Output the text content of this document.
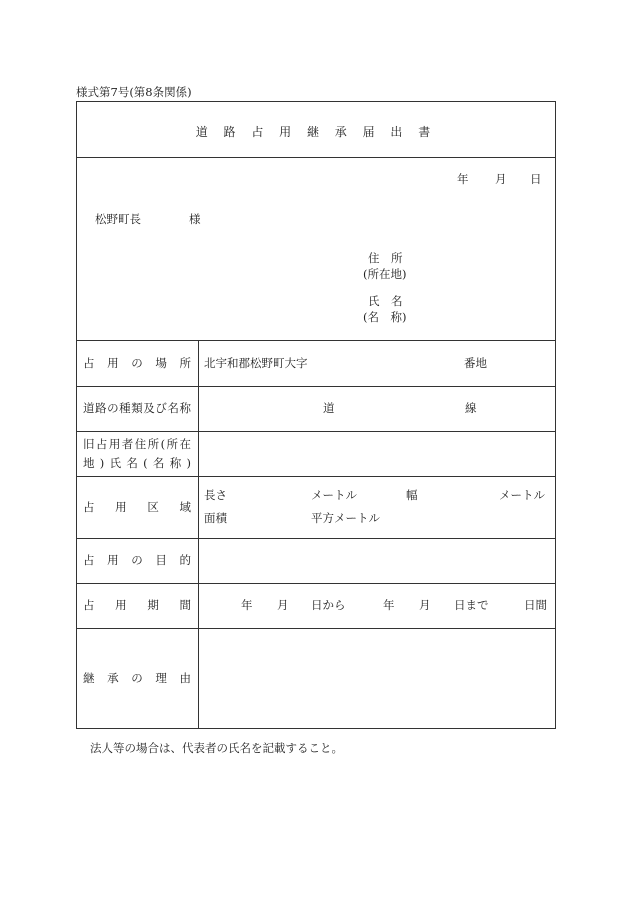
様式第7号(第8条関係)
道 路 占 用 継 承 届 出 書
年 月 日
松野町長	様
住　所
(所在地)
氏　名
(名　称)
占用の場所 北宇和郡松野町大字	番地
道路の種類及び名称	道	線
旧占用者住所(所在
地)氏名(名称)
占用区域
長さ	メートル	幅	メートル
面積	平方メートル
占用の目的
占用期間	年 月 日から	年 月 日まで	日間
継承の理由
法人等の場合は、代表者の氏名を記載すること。
